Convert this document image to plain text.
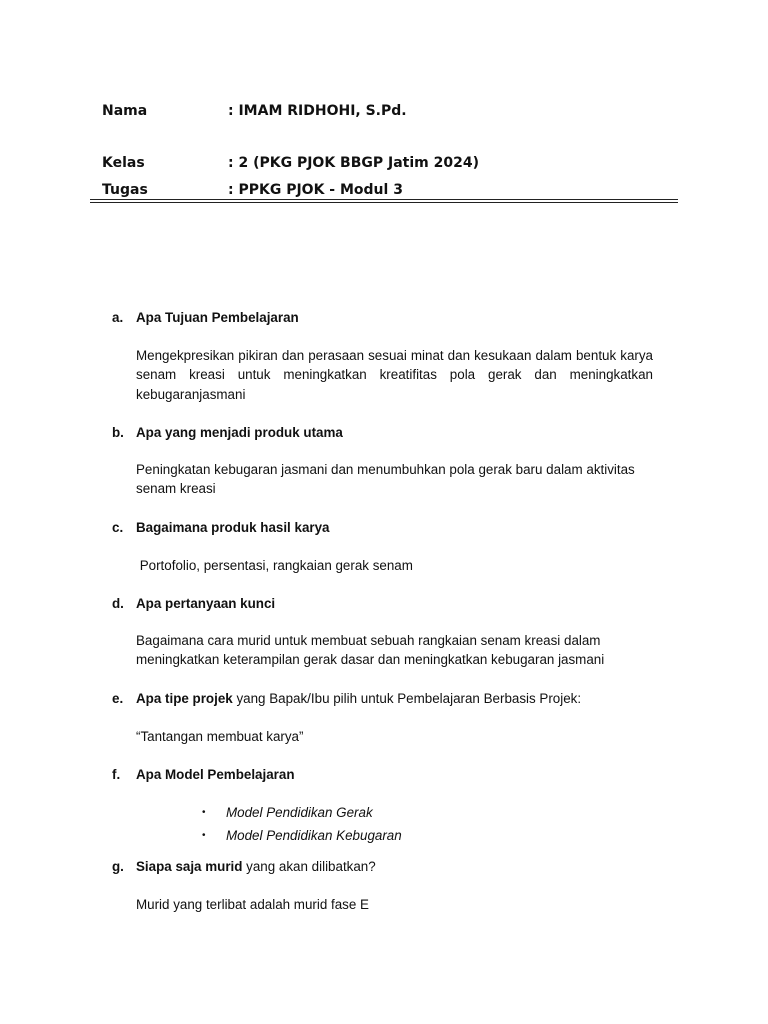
Nama	: IMAM RIDHOHI, S.Pd.
Kelas	: 2 (PKG PJOK BBGP Jatim 2024)
Tugas	: PPKG PJOK - Modul 3
a. Apa Tujuan Pembelajaran
Mengekpresikan pikiran dan perasaan sesuai minat dan kesukaan dalam bentuk karya senam kreasi untuk meningkatkan kreatifitas pola gerak dan meningkatkan kebugaranjasmani
b. Apa yang menjadi produk utama
Peningkatan kebugaran jasmani dan menumbuhkan pola gerak baru dalam aktivitas senam kreasi
c. Bagaimana produk hasil karya
Portofolio, persentasi, rangkaian gerak senam
d. Apa pertanyaan kunci
Bagaimana cara murid untuk membuat sebuah rangkaian senam kreasi dalam meningkatkan keterampilan gerak dasar dan meningkatkan kebugaran jasmani
e. Apa tipe projek yang Bapak/Ibu pilih untuk Pembelajaran Berbasis Projek:
“Tantangan membuat karya”
f. Apa Model Pembelajaran
• Model Pendidikan Gerak
• Model Pendidikan Kebugaran
g. Siapa saja murid yang akan dilibatkan?
Murid yang terlibat adalah murid fase E
